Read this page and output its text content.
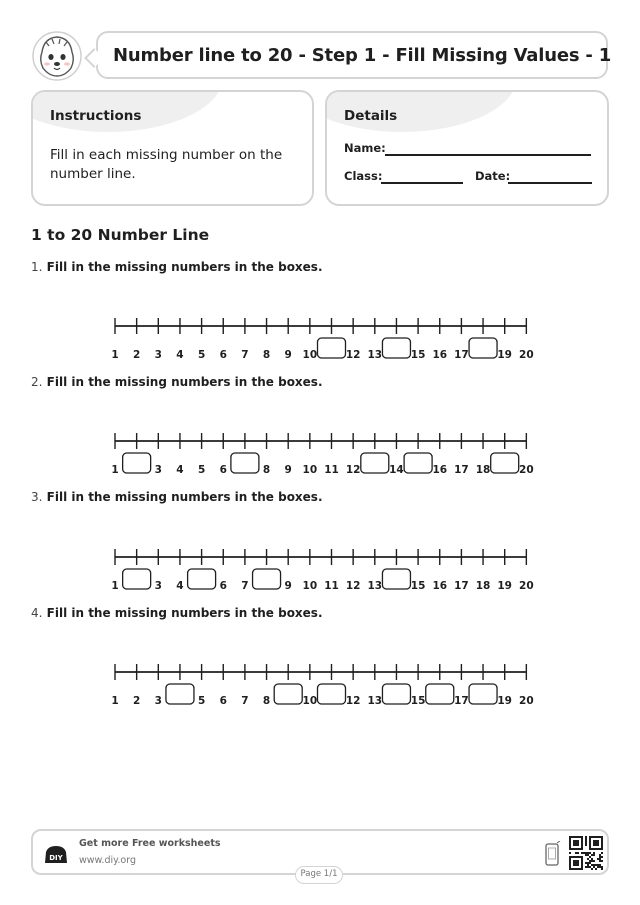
Number line to 20 - Step 1 - Fill Missing Values - 1
Instructions
Fill in each missing number on the number line.
Details
Name:
Class:	Date:
1 to 20 Number Line
1. Fill in the missing numbers in the boxes.
1 2 3 4 5 6 7 8 9 10	12 13	15 16 17	19 20
2. Fill in the missing numbers in the boxes.
1	3 4 5 6	8 9 10 11 12	14	16 17 18	20
3. Fill in the missing numbers in the boxes.
1	3 4	6 7	9 10 11 12 13	15 16 17 18 19 20
4. Fill in the missing numbers in the boxes.
1 2 3	5 6 7 8	10	12 13	15	17	19 20
DIY
Get more Free worksheets
www.diy.org
Page 1/1
